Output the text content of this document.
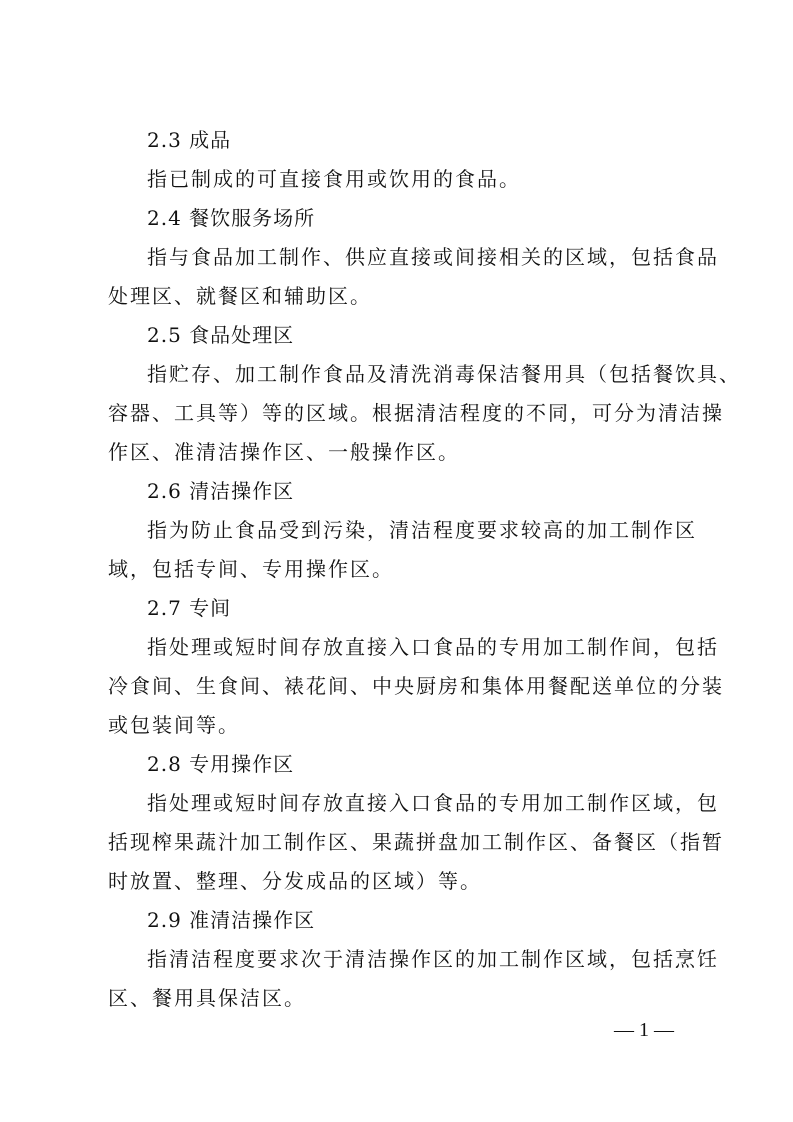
2.3 成品
指已制成的可直接食用或饮用的食品。
2.4 餐饮服务场所
指与食品加工制作、供应直接或间接相关的区域，包括食品
处理区、就餐区和辅助区。
2.5 食品处理区
指贮存、加工制作食品及清洗消毒保洁餐用具（包括餐饮具、
容器、工具等）等的区域。根据清洁程度的不同，可分为清洁操
作区、准清洁操作区、一般操作区。
2.6 清洁操作区
指为防止食品受到污染，清洁程度要求较高的加工制作区
域，包括专间、专用操作区。
2.7 专间
指处理或短时间存放直接入口食品的专用加工制作间，包括
冷食间、生食间、裱花间、中央厨房和集体用餐配送单位的分装
或包装间等。
2.8 专用操作区
指处理或短时间存放直接入口食品的专用加工制作区域，包
括现榨果蔬汁加工制作区、果蔬拼盘加工制作区、备餐区（指暂
时放置、整理、分发成品的区域）等。
2.9 准清洁操作区
指清洁程度要求次于清洁操作区的加工制作区域，包括烹饪
区、餐用具保洁区。
— 1 —
